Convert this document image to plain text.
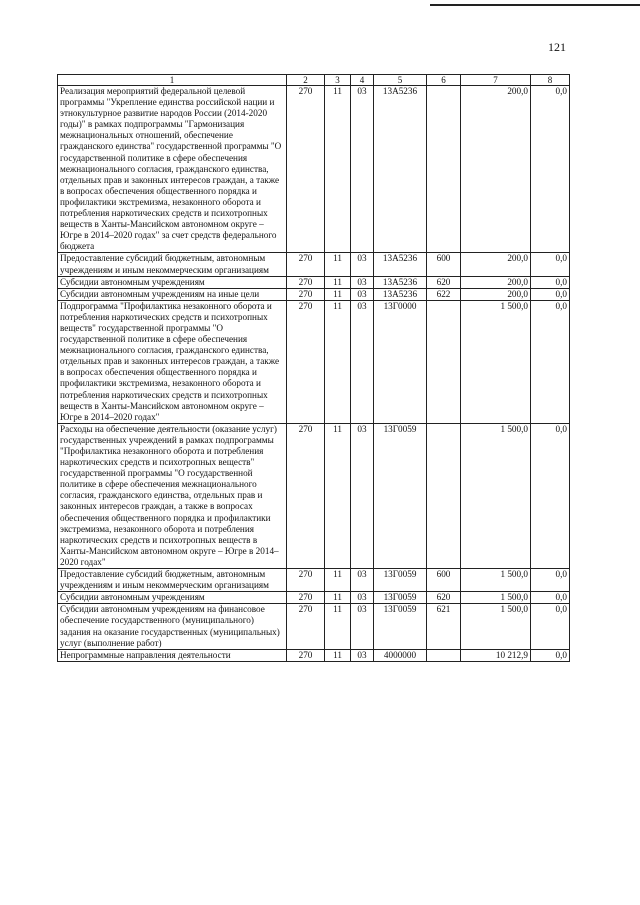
121
1	2	3	4	5	6	7	8
Реализация мероприятий федеральной целевой программы "Укрепление единства российской нации и этнокультурное развитие народов России (2014-2020 годы)" в рамках подпрограммы "Гармонизация межнациональных отношений, обеспечение гражданского единства" государственной программы "О государственной политике в сфере обеспечения межнационального согласия, гражданского единства, отдельных прав и законных интересов граждан, а также в вопросах обеспечения общественного порядка и профилактики экстремизма, незаконного оборота и потребления наркотических средств и психотропных веществ в Ханты-Мансийском автономном округе – Югре в 2014–2020 годах" за счет средств федерального бюджета	270	11	03	13А5236		200,0	0,0
Предоставление субсидий бюджетным, автономным учреждениям и иным некоммерческим организациям	270	11	03	13А5236	600	200,0	0,0
Субсидии автономным учреждениям	270	11	03	13А5236	620	200,0	0,0
Субсидии автономным учреждениям на иные цели	270	11	03	13А5236	622	200,0	0,0
Подпрограмма "Профилактика незаконного оборота и потребления наркотических средств и психотропных веществ" государственной программы "О государственной политике в сфере обеспечения межнационального согласия, гражданского единства, отдельных прав и законных интересов граждан, а также в вопросах обеспечения общественного порядка и профилактики экстремизма, незаконного оборота и потребления наркотических средств и психотропных веществ в Ханты-Мансийском автономном округе – Югре в 2014–2020 годах"	270	11	03	13Г0000		1 500,0	0,0
Расходы на обеспечение деятельности (оказание услуг) государственных учреждений в рамках подпрограммы "Профилактика незаконного оборота и потребления наркотических средств и психотропных веществ" государственной программы "О государственной политике в сфере обеспечения межнационального согласия, гражданского единства, отдельных прав и законных интересов граждан, а также в вопросах обеспечения общественного порядка и профилактики экстремизма, незаконного оборота и потребления наркотических средств и психотропных веществ в Ханты-Мансийском автономном округе – Югре в 2014–2020 годах"	270	11	03	13Г0059		1 500,0	0,0
Предоставление субсидий бюджетным, автономным учреждениям и иным некоммерческим организациям	270	11	03	13Г0059	600	1 500,0	0,0
Субсидии автономным учреждениям	270	11	03	13Г0059	620	1 500,0	0,0
Субсидии автономным учреждениям на финансовое обеспечение государственного (муниципального) задания на оказание государственных (муниципальных) услуг (выполнение работ)	270	11	03	13Г0059	621	1 500,0	0,0
Непрограммные направления деятельности	270	11	03	4000000		10 212,9	0,0
